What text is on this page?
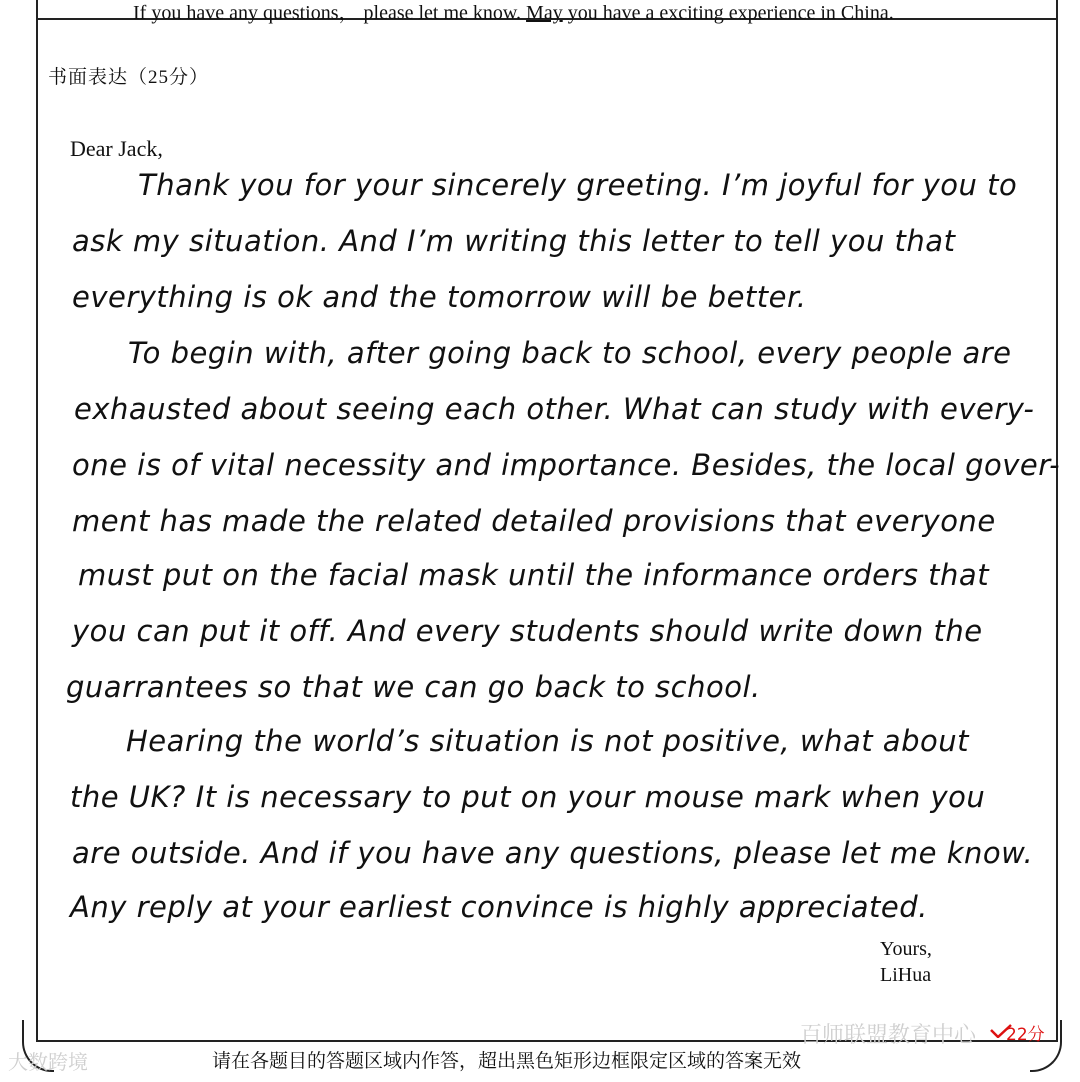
If you have any questions， please let me know. May you have a exciting experience in China.
书面表达（25分）
Dear Jack,
Thank you for your sincerely greeting. I’m joyful for you to
ask my situation. And I’m writing this letter to tell you that
everything is ok and the tomorrow will be better.
To begin with, after going back to school, every people are
exhausted about seeing each other. What can study with every-
one is of vital necessity and importance. Besides, the local gover-
ment has made the related detailed provisions that everyone
must put on the facial mask until the informance orders that
you can put it off. And every students should write down the
guarrantees so that we can go back to school.
Hearing the world’s situation is not positive, what about
the UK? It is necessary to put on your mouse mark when you
are outside. And if you have any questions, please let me know.
Any reply at your earliest convince is highly appreciated.
Yours,
LiHua
请在各题目的答题区域内作答，超出黑色矩形边框限定区域的答案无效
大数跨境
百师联盟教育中心 22分
